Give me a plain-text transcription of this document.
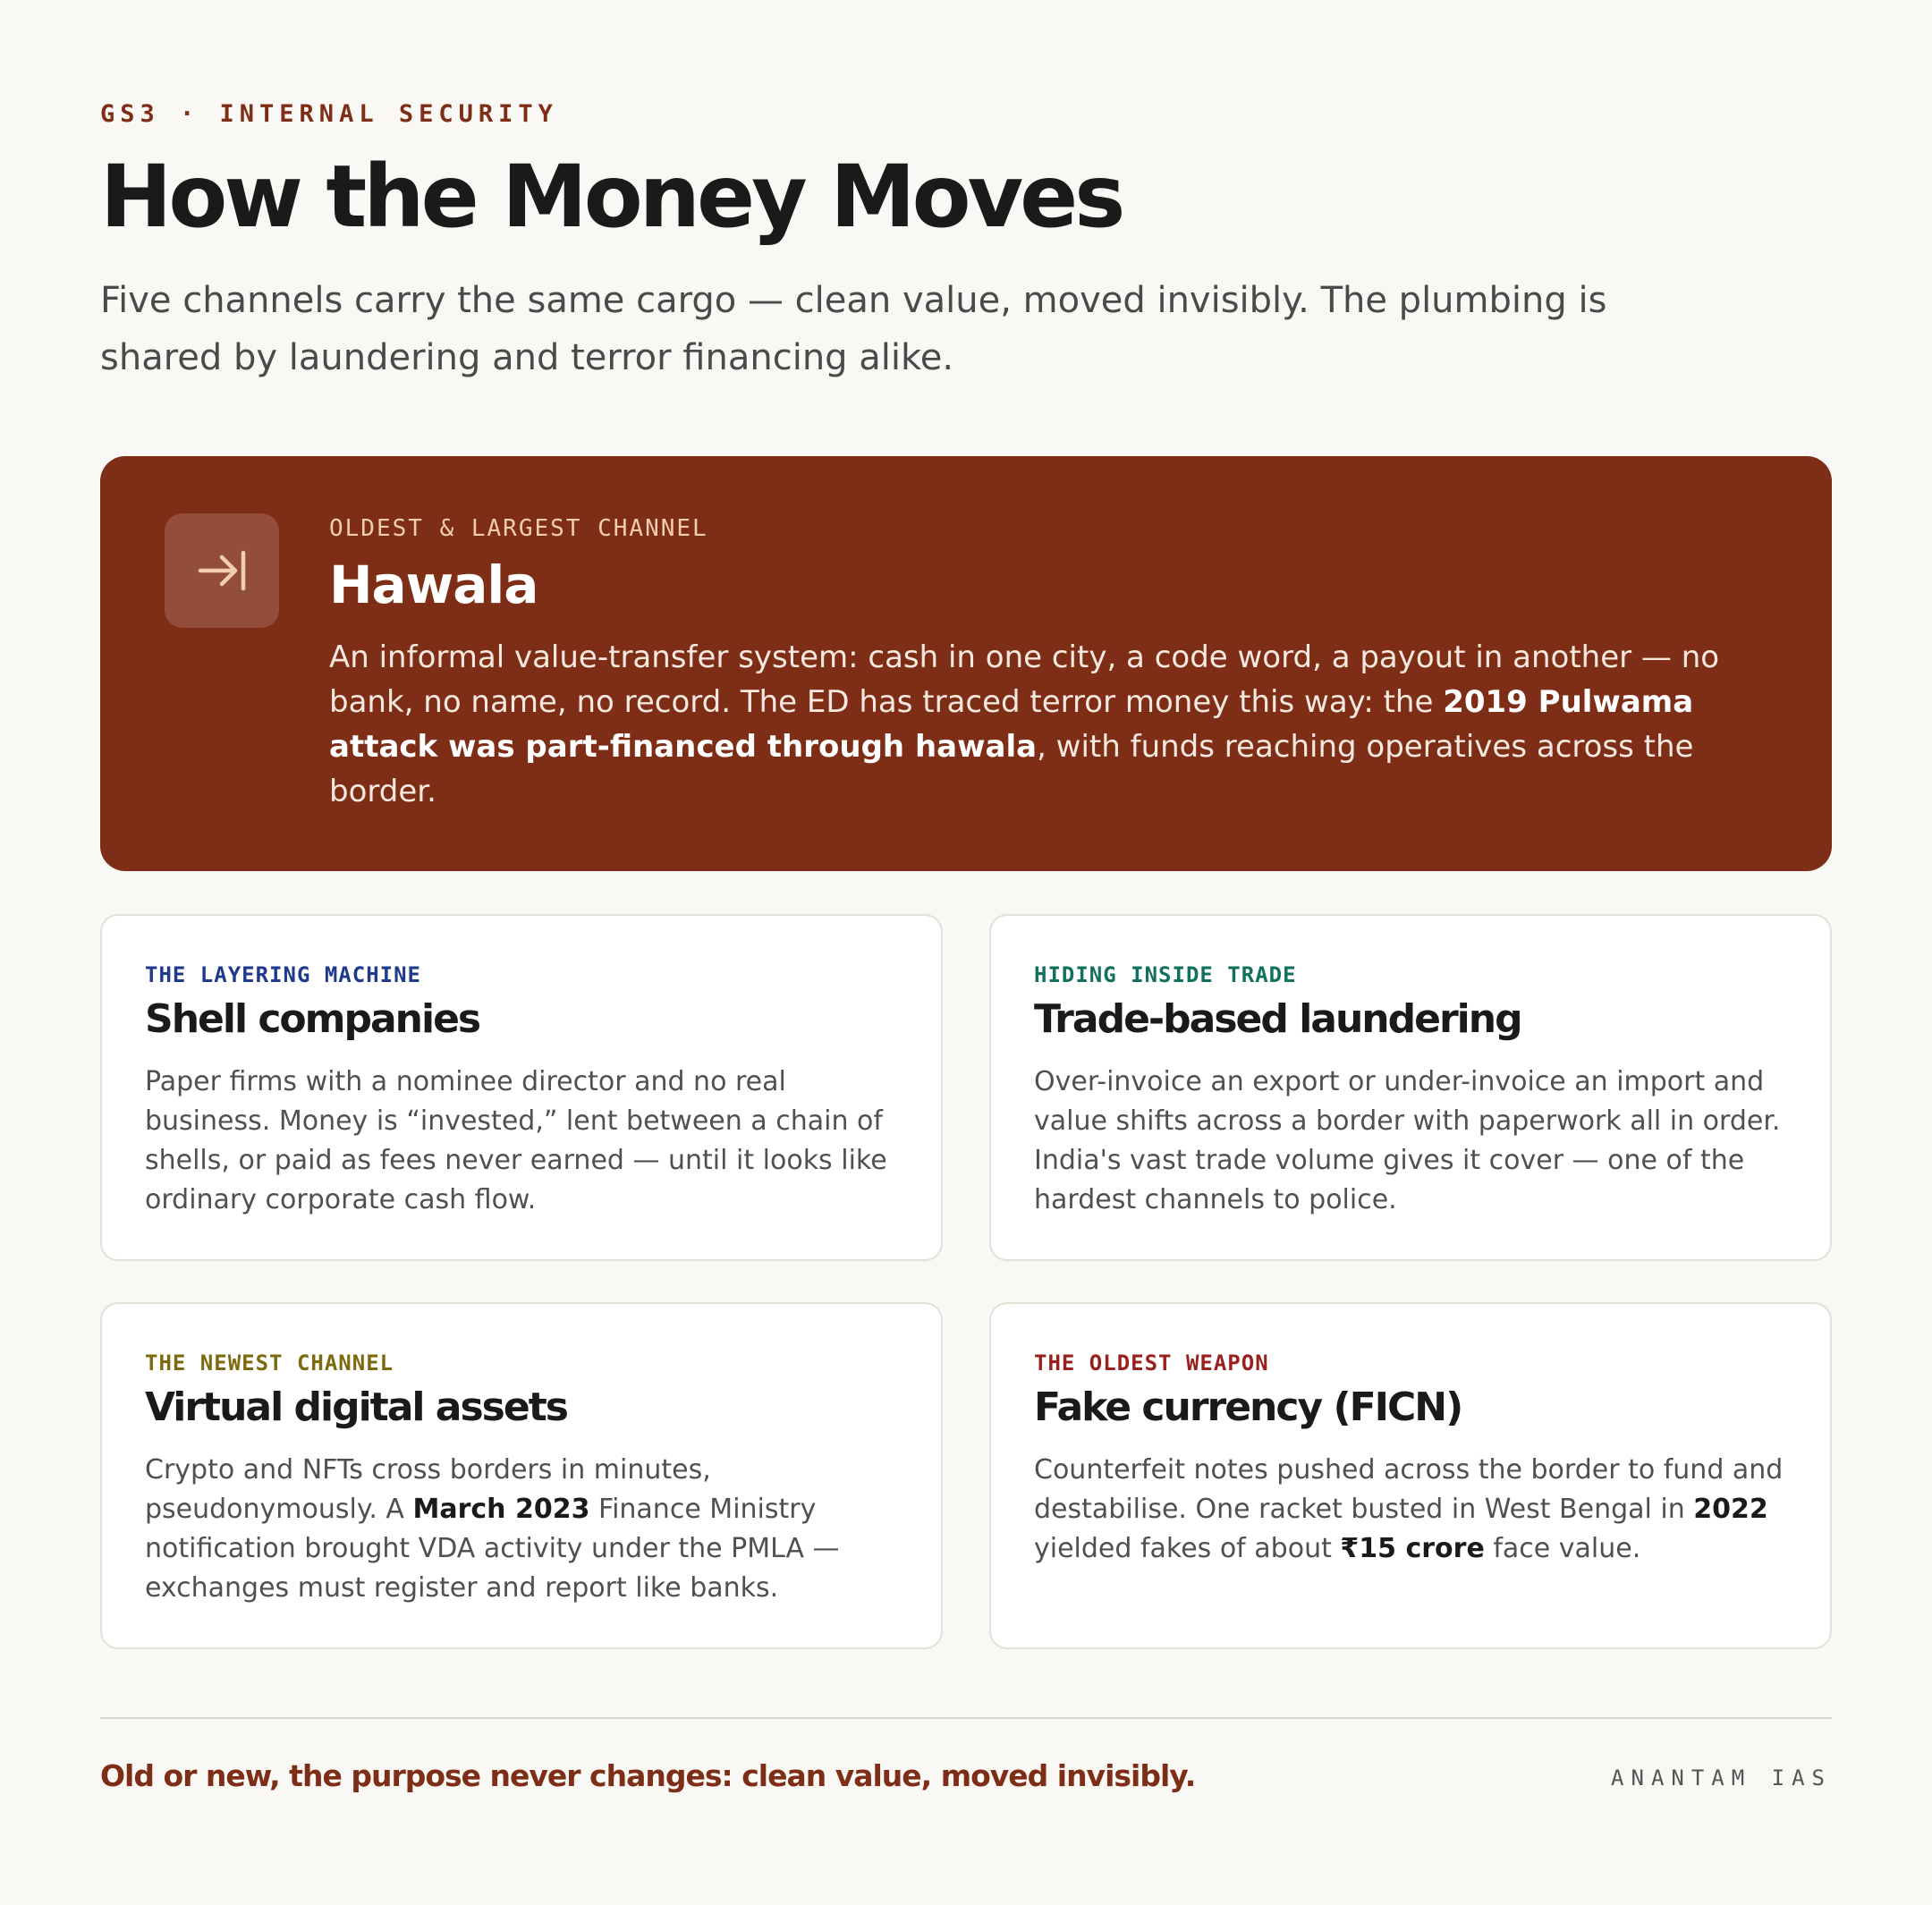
GS3 · INTERNAL SECURITY
How the Money Moves
Five channels carry the same cargo — clean value, moved invisibly. The plumbing is shared by laundering and terror financing alike.
OLDEST & LARGEST CHANNEL
Hawala
An informal value-transfer system: cash in one city, a code word, a payout in another — no bank, no name, no record. The ED has traced terror money this way: the 2019 Pulwama attack was part-financed through hawala, with funds reaching operatives across the border.
THE LAYERING MACHINE
Shell companies
Paper firms with a nominee director and no real business. Money is “invested,” lent between a chain of shells, or paid as fees never earned — until it looks like ordinary corporate cash flow.
HIDING INSIDE TRADE
Trade-based laundering
Over-invoice an export or under-invoice an import and value shifts across a border with paperwork all in order. India's vast trade volume gives it cover — one of the hardest channels to police.
THE NEWEST CHANNEL
Virtual digital assets
Crypto and NFTs cross borders in minutes, pseudonymously. A March 2023 Finance Ministry notification brought VDA activity under the PMLA — exchanges must register and report like banks.
THE OLDEST WEAPON
Fake currency (FICN)
Counterfeit notes pushed across the border to fund and destabilise. One racket busted in West Bengal in 2022 yielded fakes of about ₹15 crore face value.
Old or new, the purpose never changes: clean value, moved invisibly.	ANANTAM IAS
